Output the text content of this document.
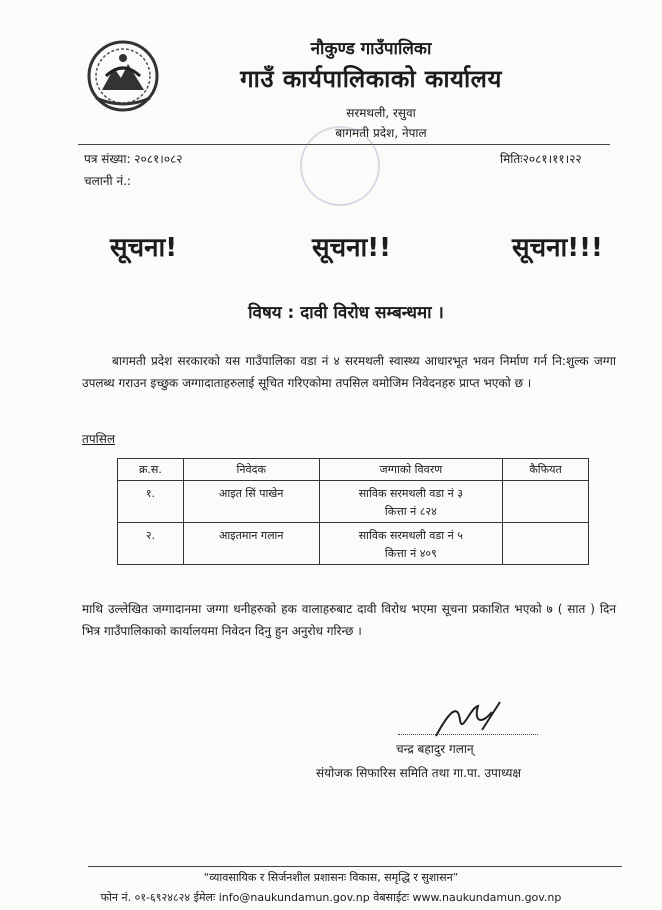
नौकुण्ड गाउँपालिका
गाउँ कार्यपालिकाको कार्यालय
सरमथली, रसुवा
बागमती प्रदेश, नेपाल
पत्र संख्या: २०८१।०८२
चलानी नं.:
मितिः२०८१।११।२२
सूचना!	सूचना!!	सूचना!!!
विषय : दावी विरोध सम्बन्धमा ।

बागमती प्रदेश सरकारको यस गाउँपालिका वडा नं ४ सरमथली स्वास्थ्य आधारभूत भवन निर्माण गर्न नि:शुल्क जग्गा उपलब्ध गराउन इच्छुक जग्गादाताहरुलाई सूचित गरिएकोमा तपसिल वमोजिम निवेदनहरु प्राप्त भएको छ ।

तपसिल
क्र.स.	निवेदक	जग्गाको विवरण	कैफियत
१.	आइत सिं पाखेन	साविक सरमथली वडा नं ३
कित्ता नं ८२४	

२.	आइतमान गलान	साविक सरमथली वडा नं ५
कित्ता नं ४०९	

माथि उल्लेखित जग्गादानमा जग्गा धनीहरुको हक वालाहरुबाट दावी विरोध भएमा सूचना प्रकाशित भएको ७ ( सात ) दिन भित्र गाउँपालिकाको कार्यालयमा निवेदन दिनु हुन अनुरोध गरिन्छ ।

चन्द्र बहादुर गलान्
संयोजक सिफारिस समिति तथा गा.पा. उपाध्यक्ष
“व्यावसायिक र सिर्जनशील प्रशासनः विकास, समृद्धि र सुशासन”
फोन नं. ०१-६९२४८२४ ईमेलः info@naukundamun.gov.np वेबसाईटः www.naukundamun.gov.np
